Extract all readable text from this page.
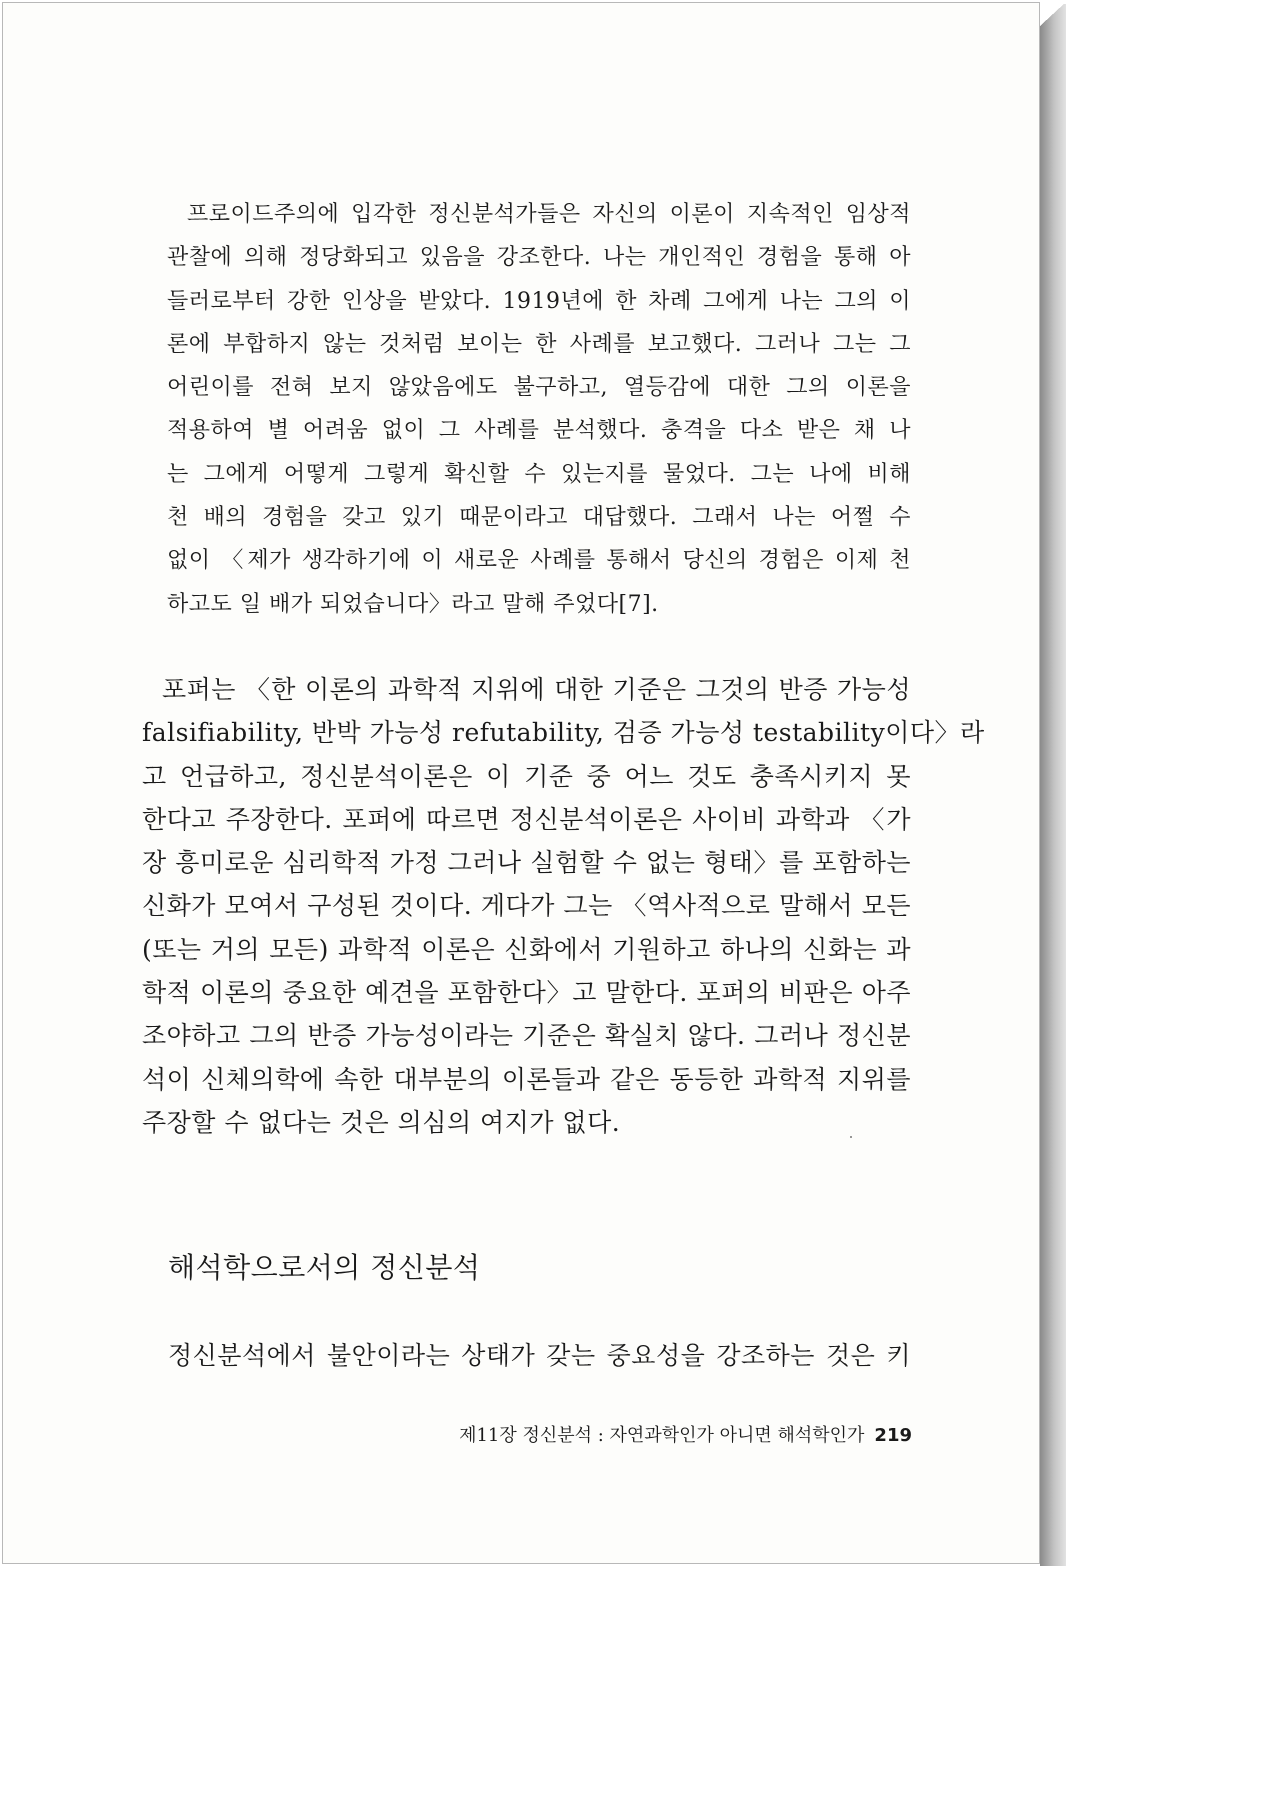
프로이드주의에 입각한 정신분석가들은 자신의 이론이 지속적인 임상적
관찰에 의해 정당화되고 있음을 강조한다. 나는 개인적인 경험을 통해 아
들러로부터 강한 인상을 받았다. 1919년에 한 차례 그에게 나는 그의 이
론에 부합하지 않는 것처럼 보이는 한 사례를 보고했다. 그러나 그는 그
어린이를 전혀 보지 않았음에도 불구하고, 열등감에 대한 그의 이론을
적용하여 별 어려움 없이 그 사례를 분석했다. 충격을 다소 받은 채 나
는 그에게 어떻게 그렇게 확신할 수 있는지를 물었다. 그는 나에 비해
천 배의 경험을 갖고 있기 때문이라고 대답했다. 그래서 나는 어쩔 수
없이 〈제가 생각하기에 이 새로운 사례를 통해서 당신의 경험은 이제 천
하고도 일 배가 되었습니다〉라고 말해 주었다[7].
포퍼는 〈한 이론의 과학적 지위에 대한 기준은 그것의 반증 가능성
falsifiability, 반박 가능성 refutability, 검증 가능성 testability이다〉라
고 언급하고, 정신분석이론은 이 기준 중 어느 것도 충족시키지 못
한다고 주장한다. 포퍼에 따르면 정신분석이론은 사이비 과학과 〈가
장 흥미로운 심리학적 가정 그러나 실험할 수 없는 형태〉를 포함하는
신화가 모여서 구성된 것이다. 게다가 그는 〈역사적으로 말해서 모든
(또는 거의 모든) 과학적 이론은 신화에서 기원하고 하나의 신화는 과
학적 이론의 중요한 예견을 포함한다〉고 말한다. 포퍼의 비판은 아주
조야하고 그의 반증 가능성이라는 기준은 확실치 않다. 그러나 정신분
석이 신체의학에 속한 대부분의 이론들과 같은 동등한 과학적 지위를
주장할 수 없다는 것은 의심의 여지가 없다.
해석학으로서의 정신분석
정신분석에서 불안이라는 상태가 갖는 중요성을 강조하는 것은 키
제11장 정신분석 : 자연과학인가 아니면 해석학인가 219
